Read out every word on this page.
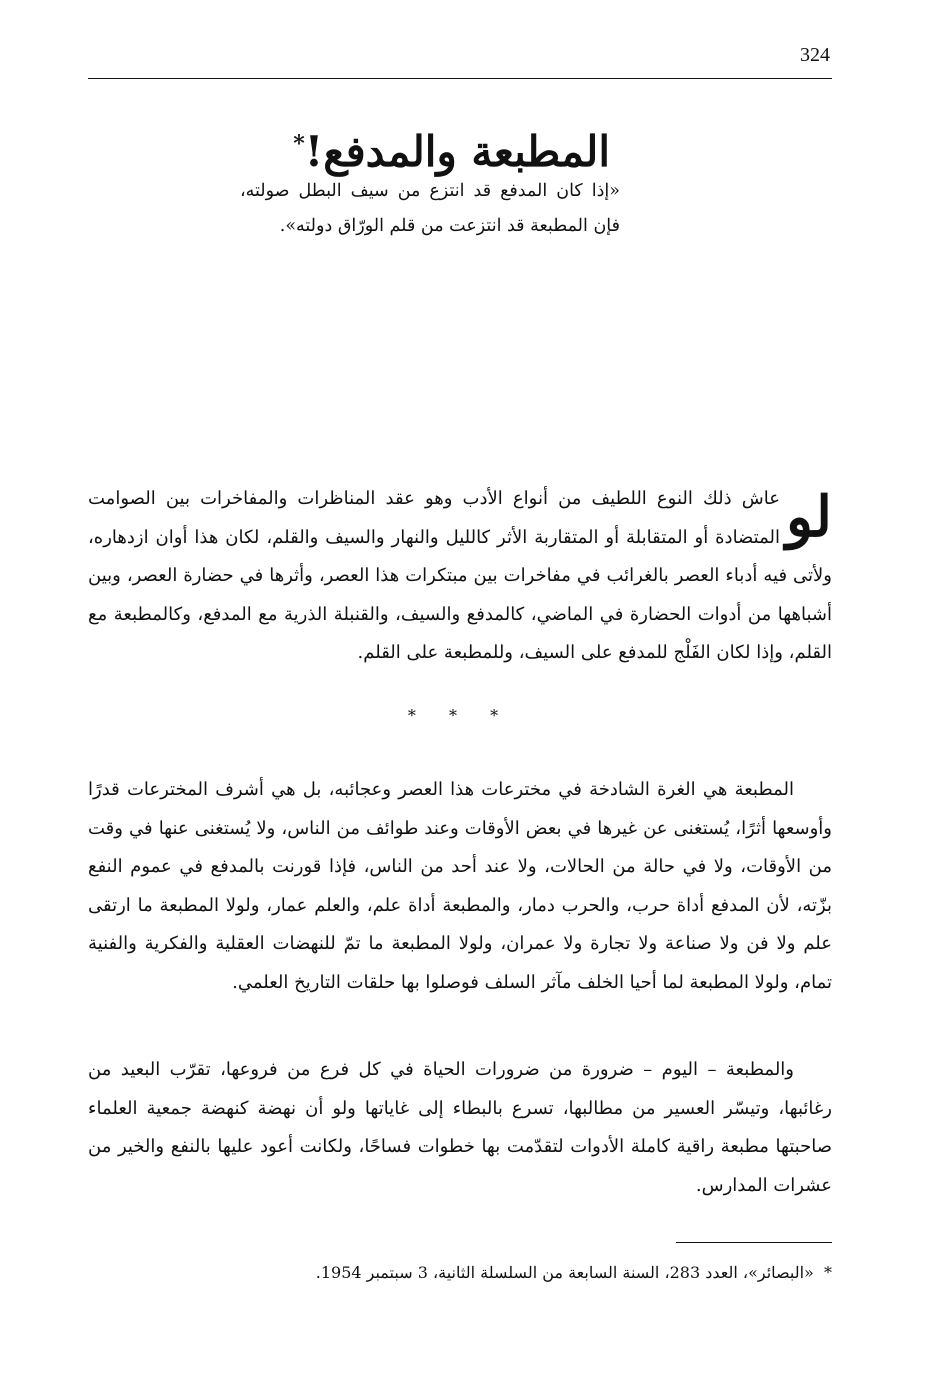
324
المطبعة والمدفع!*
«إذا كان المدفع قد انتزع من سيف البطل صولته، فإن المطبعة قد انتزعت من قلم الورّاق دولته».
لو
عاش ذلك النوع اللطيف من أنواع الأدب وهو عقد المناظرات والمفاخرات بين الصوامت المتضادة أو المتقابلة أو المتقاربة الأثر كالليل والنهار والسيف والقلم، لكان هذا أوان ازدهاره، ولأتى فيه أدباء العصر بالغرائب في مفاخرات بين مبتكرات هذا العصر، وأثرها في حضارة العصر، وبين أشباهها من أدوات الحضارة في الماضي، كالمدفع والسيف، والقنبلة الذرية مع المدفع، وكالمطبعة مع القلم، وإذا لكان الفَلْج للمدفع على السيف، وللمطبعة على القلم.
* * *
المطبعة هي الغرة الشادخة في مخترعات هذا العصر وعجائبه، بل هي أشرف المخترعات قدرًا وأوسعها أثرًا، يُستغنى عن غيرها في بعض الأوقات وعند طوائف من الناس، ولا يُستغنى عنها في وقت من الأوقات، ولا في حالة من الحالات، ولا عند أحد من الناس، فإذا قورنت بالمدفع في عموم النفع بزّته، لأن المدفع أداة حرب، والحرب دمار، والمطبعة أداة علم، والعلم عمار، ولولا المطبعة ما ارتقى علم ولا فن ولا صناعة ولا تجارة ولا عمران، ولولا المطبعة ما تمّ للنهضات العقلية والفكرية والفنية تمام، ولولا المطبعة لما أحيا الخلف مآثر السلف فوصلوا بها حلقات التاريخ العلمي.
والمطبعة – اليوم – ضرورة من ضرورات الحياة في كل فرع من فروعها، تقرّب البعيد من رغائبها، وتيسّر العسير من مطالبها، تسرع بالبطاء إلى غاياتها ولو أن نهضة كنهضة جمعية العلماء صاحبتها مطبعة راقية كاملة الأدوات لتقدّمت بها خطوات فساحًا، ولكانت أعود عليها بالنفع والخير من عشرات المدارس.
*  «البصائر»، العدد 283، السنة السابعة من السلسلة الثانية، 3 سبتمبر 1954.
